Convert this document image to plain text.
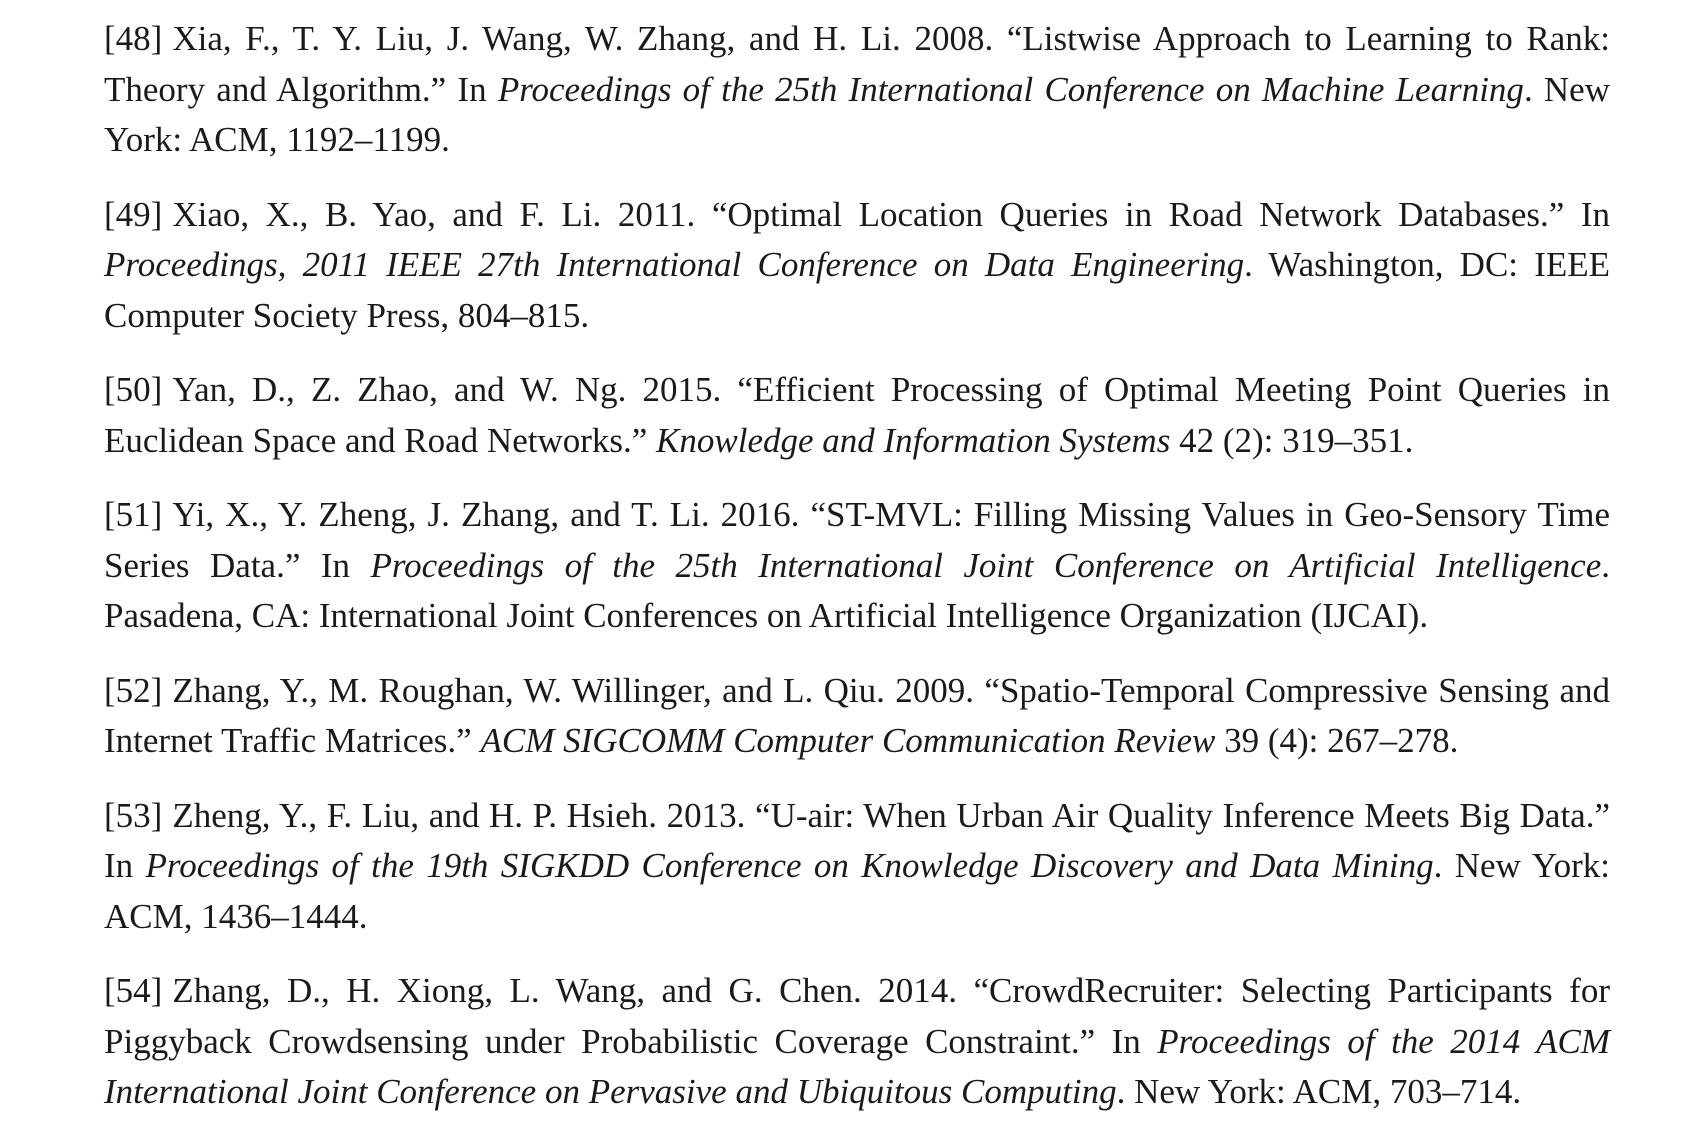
[48] Xia, F., T. Y. Liu, J. Wang, W. Zhang, and H. Li. 2008. “Listwise Approach to Learning to Rank: Theory and Algorithm.” In Proceedings of the 25th International Conference on Machine Learning. New York: ACM, 1192–1199.

[49] Xiao, X., B. Yao, and F. Li. 2011. “Optimal Location Queries in Road Network Databases.” In Proceedings, 2011 IEEE 27th International Conference on Data Engineering. Washington, DC: IEEE Computer Society Press, 804–815.

[50] Yan, D., Z. Zhao, and W. Ng. 2015. “Efficient Processing of Optimal Meeting Point Queries in Euclidean Space and Road Networks.” Knowledge and Information Systems 42 (2): 319–351.

[51] Yi, X., Y. Zheng, J. Zhang, and T. Li. 2016. “ST-MVL: Filling Missing Values in Geo-Sensory Time Series Data.” In Proceedings of the 25th International Joint Conference on Artificial Intelligence. Pasadena, CA: International Joint Conferences on Artificial Intelligence Organization (IJCAI).

[52] Zhang, Y., M. Roughan, W. Willinger, and L. Qiu. 2009. “Spatio-Temporal Compressive Sensing and Internet Traffic Matrices.” ACM SIGCOMM Computer Communication Review 39 (4): 267–278.

[53] Zheng, Y., F. Liu, and H. P. Hsieh. 2013. “U-air: When Urban Air Quality Inference Meets Big Data.” In Proceedings of the 19th SIGKDD Conference on Knowledge Discovery and Data Mining. New York: ACM, 1436–1444.

[54] Zhang, D., H. Xiong, L. Wang, and G. Chen. 2014. “CrowdRecruiter: Selecting Participants for Piggyback Crowdsensing under Probabilistic Coverage Constraint.” In Proceedings of the 2014 ACM International Joint Conference on Pervasive and Ubiquitous Computing. New York: ACM, 703–714.
